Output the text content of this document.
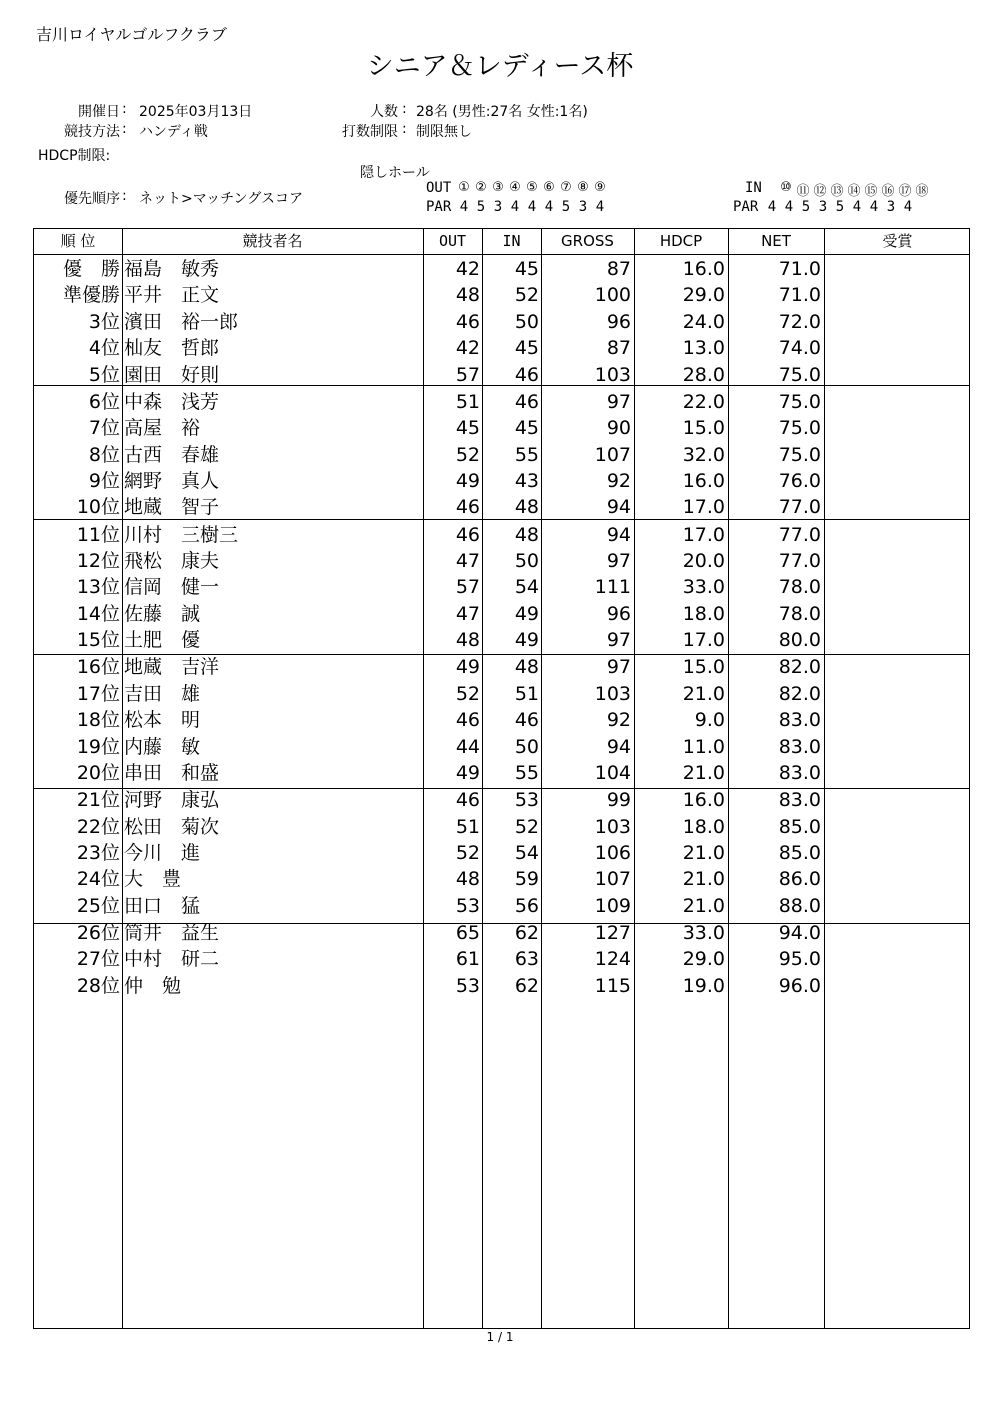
吉川ロイヤルゴルフクラブ
シニア＆レディース杯
開催日 : 2025年03月13日
競技方法 : ハンディ戦
HDCP制限:
人数 : 28名 (男性:27名 女性:1名)
打数制限 : 制限無し
隠しホール
優先順序 : ネット>マッチングスコア
OUT
PAR
① ② ③ ④ ⑤ ⑥ ⑦ ⑧ ⑨
4 5 3 4 4 4 5 3 4
IN
PAR
⑩ ⑪ ⑫ ⑬ ⑭ ⑮ ⑯ ⑰ ⑱
4 4 5 3 5 4 4 3 4
順 位	競技者名	OUT	IN	GROSS	HDCP	NET	受賞
優　勝 福島　敏秀	42	45	87	16.0	71.0
準優勝 平井　正文	48	52	100	29.0	71.0
3位 濱田　裕一郎	46	50	96	24.0	72.0
4位 杣友　哲郎	42	45	87	13.0	74.0
5位 園田　好則	57	46	103	28.0	75.0
6位 中森　浅芳	51	46	97	22.0	75.0
7位 高屋　裕	45	45	90	15.0	75.0
8位 古西　春雄	52	55	107	32.0	75.0
9位 網野　真人	49	43	92	16.0	76.0
10位 地蔵　智子	46	48	94	17.0	77.0
11位 川村　三樹三	46	48	94	17.0	77.0
12位 飛松　康夫	47	50	97	20.0	77.0
13位 信岡　健一	57	54	111	33.0	78.0
14位 佐藤　誠	47	49	96	18.0	78.0
15位 土肥　優	48	49	97	17.0	80.0
16位 地蔵　吉洋	49	48	97	15.0	82.0
17位 吉田　雄	52	51	103	21.0	82.0
18位 松本　明	46	46	92	9.0	83.0
19位 内藤　敏	44	50	94	11.0	83.0
20位 串田　和盛	49	55	104	21.0	83.0
21位 河野　康弘	46	53	99	16.0	83.0
22位 松田　菊次	51	52	103	18.0	85.0
23位 今川　進	52	54	106	21.0	85.0
24位 大　豊	48	59	107	21.0	86.0
25位 田口　猛	53	56	109	21.0	88.0
26位 筒井　益生	65	62	127	33.0	94.0
27位 中村　研二	61	63	124	29.0	95.0
28位 仲　勉	53	62	115	19.0	96.0
1 / 1
